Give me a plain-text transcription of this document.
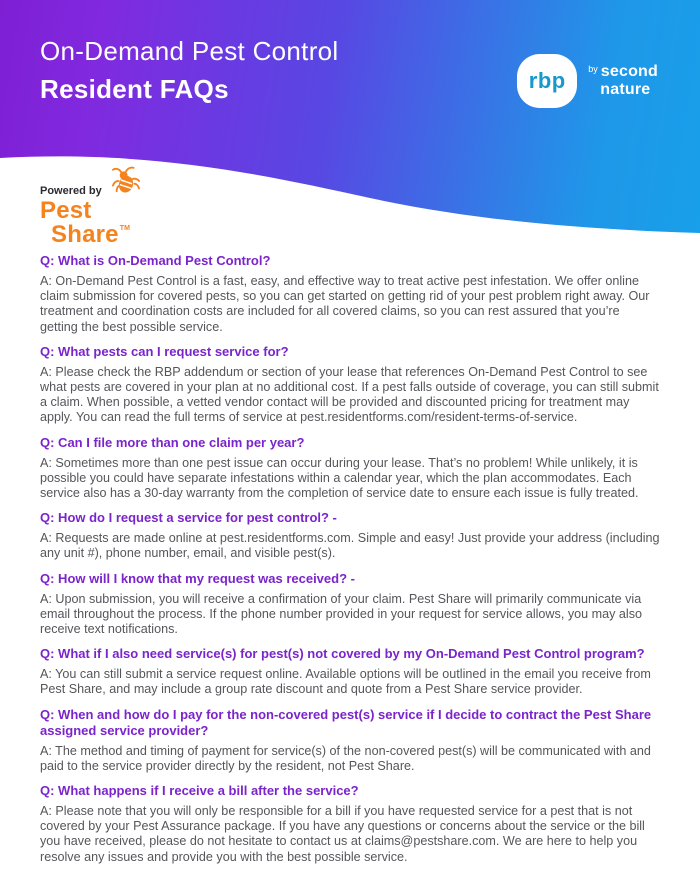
On-Demand Pest Control
Resident FAQs	rbp	by second
nature
Powered by
Pest
Share TM
Q: What is On-Demand Pest Control?

A: On-Demand Pest Control is a fast, easy, and effective way to treat active pest infestation. We offer online claim submission for covered pests, so you can get started on getting rid of your pest problem right away. Our treatment and coordination costs are included for all covered claims, so you can rest assured that you’re getting the best possible service.

Q: What pests can I request service for?

A: Please check the RBP addendum or section of your lease that references On-Demand Pest Control to see what pests are covered in your plan at no additional cost. If a pest falls outside of coverage, you can still submit a claim. When possible, a vetted vendor contact will be provided and discounted pricing for treatment may apply. You can read the full terms of service at pest.residentforms.com/resident-terms-of-service.

Q: Can I file more than one claim per year?

A: Sometimes more than one pest issue can occur during your lease. That’s no problem! While unlikely, it is possible you could have separate infestations within a calendar year, which the plan accommodates. Each service also has a 30-day warranty from the completion of service date to ensure each issue is fully treated.

Q: How do I request a service for pest control? -

A: Requests are made online at pest.residentforms.com. Simple and easy! Just provide your address (including any unit #), phone number, email, and visible pest(s).

Q: How will I know that my request was received? -

A: Upon submission, you will receive a confirmation of your claim. Pest Share will primarily communicate via email throughout the process. If the phone number provided in your request for service allows, you may also receive text notifications.

Q: What if I also need service(s) for pest(s) not covered by my On-Demand Pest Control program?

A: You can still submit a service request online. Available options will be outlined in the email you receive from Pest Share, and may include a group rate discount and quote from a Pest Share service provider.

Q: When and how do I pay for the non-covered pest(s) service if I decide to contract the Pest Share assigned service provider?

A: The method and timing of payment for service(s) of the non-covered pest(s) will be communicated with and paid to the service provider directly by the resident, not Pest Share.

Q: What happens if I receive a bill after the service?

A: Please note that you will only be responsible for a bill if you have requested service for a pest that is not covered by your Pest Assurance package. If you have any questions or concerns about the service or the bill you have received, please do not hesitate to contact us at claims@pestshare.com. We are here to help you resolve any issues and provide you with the best possible service.
